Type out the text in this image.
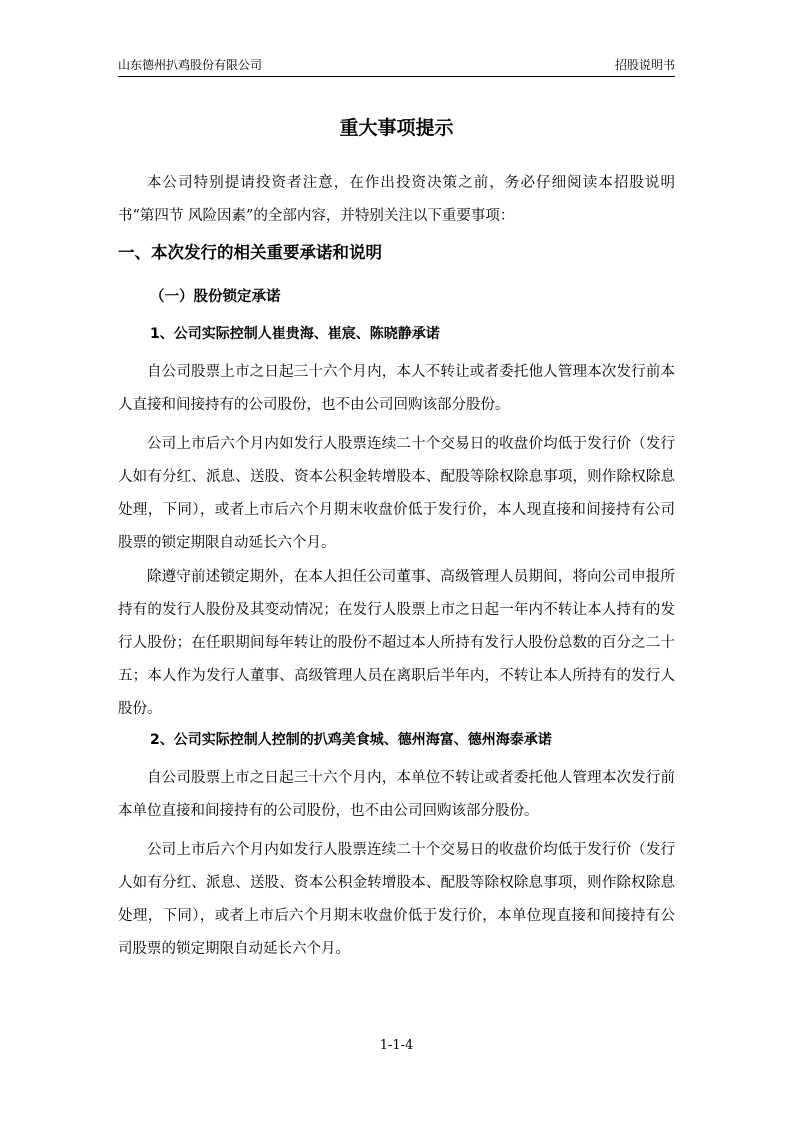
山东德州扒鸡股份有限公司	招股说明书
重大事项提示

本公司特别提请投资者注意，在作出投资决策之前，务必仔细阅读本招股说明书“第四节 风险因素”的全部内容，并特别关注以下重要事项：

一、本次发行的相关重要承诺和说明
（一）股份锁定承诺
1、公司实际控制人崔贵海、崔宸、陈晓静承诺

自公司股票上市之日起三十六个月内，本人不转让或者委托他人管理本次发行前本人直接和间接持有的公司股份，也不由公司回购该部分股份。

公司上市后六个月内如发行人股票连续二十个交易日的收盘价均低于发行价（发行人如有分红、派息、送股、资本公积金转增股本、配股等除权除息事项，则作除权除息处理，下同），或者上市后六个月期末收盘价低于发行价，本人现直接和间接持有公司股票的锁定期限自动延长六个月。

除遵守前述锁定期外，在本人担任公司董事、高级管理人员期间，将向公司申报所持有的发行人股份及其变动情况；在发行人股票上市之日起一年内不转让本人持有的发行人股份；在任职期间每年转让的股份不超过本人所持有发行人股份总数的百分之二十五；本人作为发行人董事、高级管理人员在离职后半年内，不转让本人所持有的发行人股份。

2、公司实际控制人控制的扒鸡美食城、德州海富、德州海泰承诺

自公司股票上市之日起三十六个月内，本单位不转让或者委托他人管理本次发行前本单位直接和间接持有的公司股份，也不由公司回购该部分股份。

公司上市后六个月内如发行人股票连续二十个交易日的收盘价均低于发行价（发行人如有分红、派息、送股、资本公积金转增股本、配股等除权除息事项，则作除权除息处理，下同），或者上市后六个月期末收盘价低于发行价，本单位现直接和间接持有公司股票的锁定期限自动延长六个月。

1-1-4
